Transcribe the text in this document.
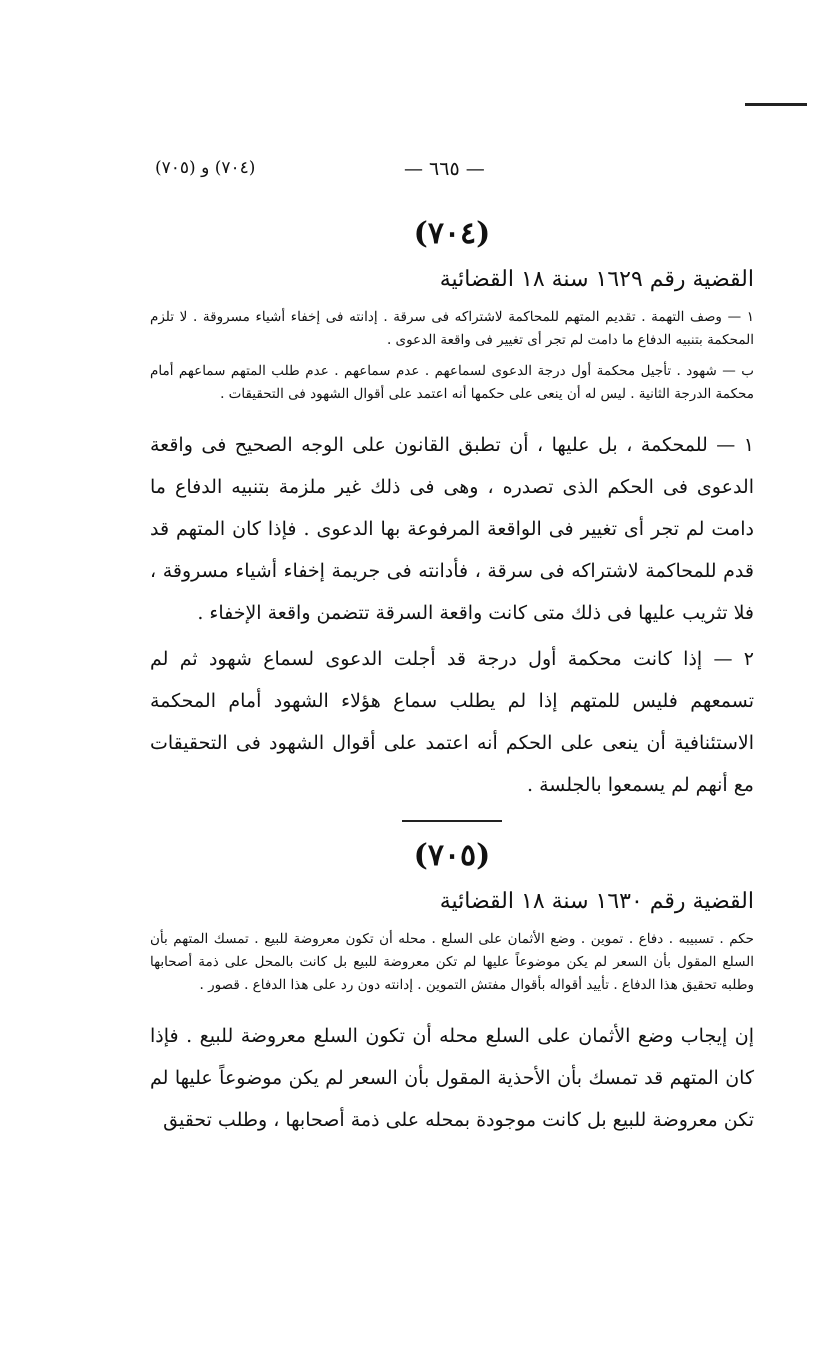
(٧٠٤) و (٧٠٥)	— ٦٦٥ —
(٧٠٤)
القضية رقم ١٦٢٩ سنة ١٨ القضائية

١ — وصف التهمة . تقديم المتهم للمحاكمة لاشتراكه فى سرقة . إدانته فى إخفاء أشياء مسروقة . لا تلزم المحكمة بتنبيه الدفاع ما دامت لم تجر أى تغيير فى واقعة الدعوى .

ب — شهود . تأجيل محكمة أول درجة الدعوى لسماعهم . عدم سماعهم . عدم طلب المتهم سماعهم أمام محكمة الدرجة الثانية . ليس له أن ينعى على حكمها أنه اعتمد على أقوال الشهود فى التحقيقات .

١ — للمحكمة ، بل عليها ، أن تطبق القانون على الوجه الصحيح فى واقعة الدعوى فى الحكم الذى تصدره ، وهى فى ذلك غير ملزمة بتنبيه الدفاع ما دامت لم تجر أى تغيير فى الواقعة المرفوعة بها الدعوى . فإذا كان المتهم قد قدم للمحاكمة لاشتراكه فى سرقة ، فأدانته فى جريمة إخفاء أشياء مسروقة ، فلا تثريب عليها فى ذلك متى كانت واقعة السرقة تتضمن واقعة الإخفاء .

٢ — إذا كانت محكمة أول درجة قد أجلت الدعوى لسماع شهود ثم لم تسمعهم فليس للمتهم إذا لم يطلب سماع هؤلاء الشهود أمام المحكمة الاستئنافية أن ينعى على الحكم أنه اعتمد على أقوال الشهود فى التحقيقات مع أنهم لم يسمعوا بالجلسة .

(٧٠٥)
القضية رقم ١٦٣٠ سنة ١٨ القضائية

حكم . تسبيبه . دفاع . تموين . وضع الأثمان على السلع . محله أن تكون معروضة للبيع . تمسك المتهم بأن السلع المقول بأن السعر لم يكن موضوعاً عليها لم تكن معروضة للبيع بل كانت بالمحل على ذمة أصحابها وطلبه تحقيق هذا الدفاع . تأييد أقواله بأقوال مفتش التموين . إدانته دون رد على هذا الدفاع . قصور .

إن إيجاب وضع الأثمان على السلع محله أن تكون السلع معروضة للبيع . فإذا كان المتهم قد تمسك بأن الأحذية المقول بأن السعر لم يكن موضوعاً عليها لم تكن معروضة للبيع بل كانت موجودة بمحله على ذمة أصحابها ، وطلب تحقيق
